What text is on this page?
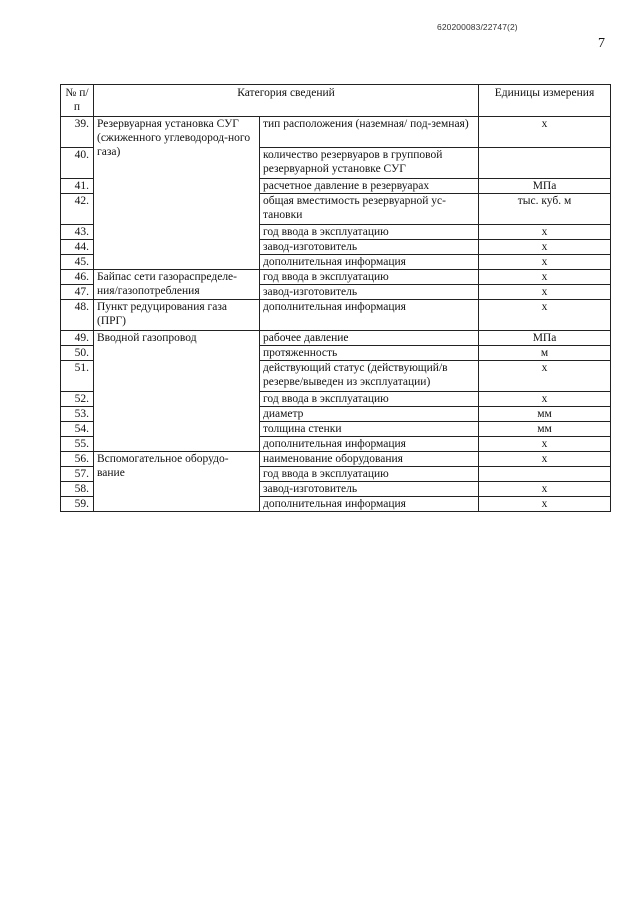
620200083/22747(2)
7
№ п/п	Категория сведений		Единицы измерения
39.	Резервуарная установка СУГ (сжиженного углеводород-ного газа)	тип расположения (наземная/ под-земная)	х
40.		количество резервуаров в групповой резервуарной установке СУГ	
41.		расчетное давление в резервуарах	МПа
42.		общая вместимость резервуарной ус-тановки	тыс. куб. м
43.		год ввода в эксплуатацию	х
44.		завод-изготовитель	х
45.		дополнительная информация	х
46.	Байпас сети газораспределе-ния/газопотребления	год ввода в эксплуатацию	х
47.		завод-изготовитель	х
48.	Пункт редуцирования газа (ПРГ)	дополнительная информация	х
49.	Вводной газопровод	рабочее давление	МПа
50.		протяженность	м
51.		действующий статус (действующий/в резерве/выведен из эксплуатации)	х
52.		год ввода в эксплуатацию	х
53.		диаметр	мм
54.		толщина стенки	мм
55.		дополнительная информация	х
56.	Вспомогательное оборудо-вание	наименование оборудования	х
57.		год ввода в эксплуатацию	
58.		завод-изготовитель	х
59.		дополнительная информация	х
